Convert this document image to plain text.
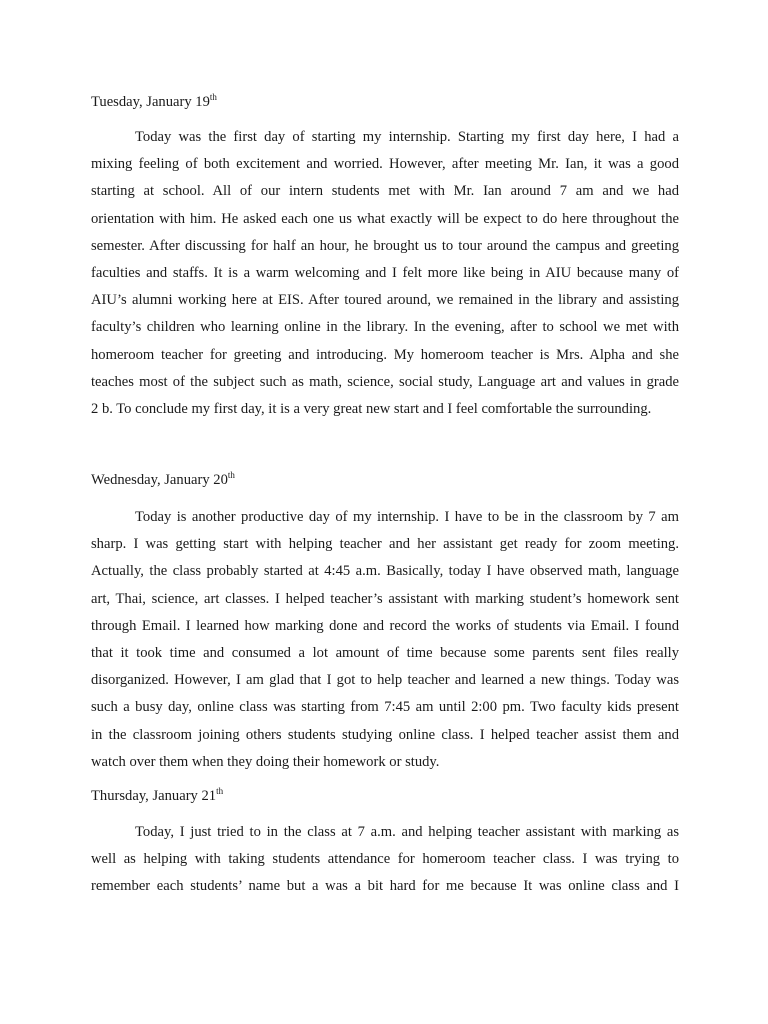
Tuesday, January 19th
Today was the first day of starting my internship. Starting my first day here, I had a
mixing feeling of both excitement and worried. However, after meeting Mr. Ian, it was a good
starting at school. All of our intern students met with Mr. Ian around 7 am and we had
orientation with him. He asked each one us what exactly will be expect to do here throughout the
semester. After discussing for half an hour, he brought us to tour around the campus and greeting
faculties and staffs. It is a warm welcoming and I felt more like being in AIU because many of
AIU’s alumni working here at EIS. After toured around, we remained in the library and assisting
faculty’s children who learning online in the library. In the evening, after to school we met with
homeroom teacher for greeting and introducing. My homeroom teacher is Mrs. Alpha and she
teaches most of the subject such as math, science, social study, Language art and values in grade
2 b. To conclude my first day, it is a very great new start and I feel comfortable the surrounding.
Wednesday, January 20th
Today is another productive day of my internship. I have to be in the classroom by 7 am
sharp. I was getting start with helping teacher and her assistant get ready for zoom meeting.
Actually, the class probably started at 4:45 a.m. Basically, today I have observed math, language
art, Thai, science, art classes. I helped teacher’s assistant with marking student’s homework sent
through Email. I learned how marking done and record the works of students via Email. I found
that it took time and consumed a lot amount of time because some parents sent files really
disorganized. However, I am glad that I got to help teacher and learned a new things. Today was
such a busy day, online class was starting from 7:45 am until 2:00 pm. Two faculty kids present
in the classroom joining others students studying online class. I helped teacher assist them and
watch over them when they doing their homework or study.
Thursday, January 21th
Today, I just tried to in the class at 7 a.m. and helping teacher assistant with marking as
well as helping with taking students attendance for homeroom teacher class. I was trying to
remember each students’ name but a was a bit hard for me because It was online class and I
